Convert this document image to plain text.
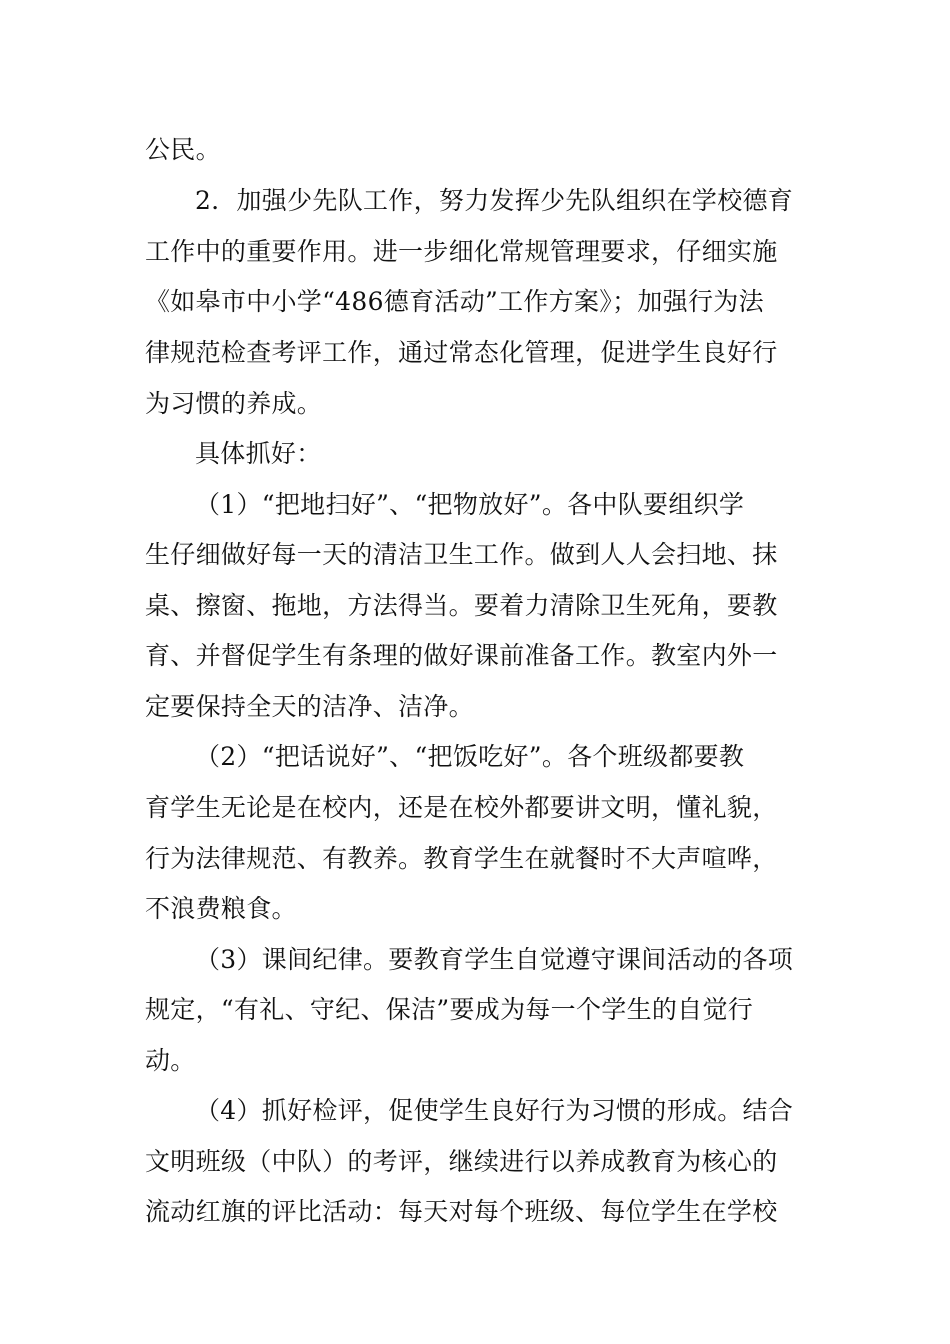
公民。
2．加强少先队工作，努力发挥少先队组织在学校德育
工作中的重要作用。进一步细化常规管理要求，仔细实施
《如皋市中小学“486德育活动”工作方案》；加强行为法
律规范检查考评工作，通过常态化管理，促进学生良好行
为习惯的养成。
具体抓好：
（1）“把地扫好”、“把物放好”。各中队要组织学
生仔细做好每一天的清洁卫生工作。做到人人会扫地、抹
桌、擦窗、拖地，方法得当。要着力清除卫生死角，要教
育、并督促学生有条理的做好课前准备工作。教室内外一
定要保持全天的洁净、洁净。
（2）“把话说好”、“把饭吃好”。各个班级都要教
育学生无论是在校内，还是在校外都要讲文明，懂礼貌，
行为法律规范、有教养。教育学生在就餐时不大声喧哗，
不浪费粮食。
（3）课间纪律。要教育学生自觉遵守课间活动的各项
规定，“有礼、守纪、保洁”要成为每一个学生的自觉行
动。
（4）抓好检评，促使学生良好行为习惯的形成。结合
文明班级（中队）的考评，继续进行以养成教育为核心的
流动红旗的评比活动：每天对每个班级、每位学生在学校
